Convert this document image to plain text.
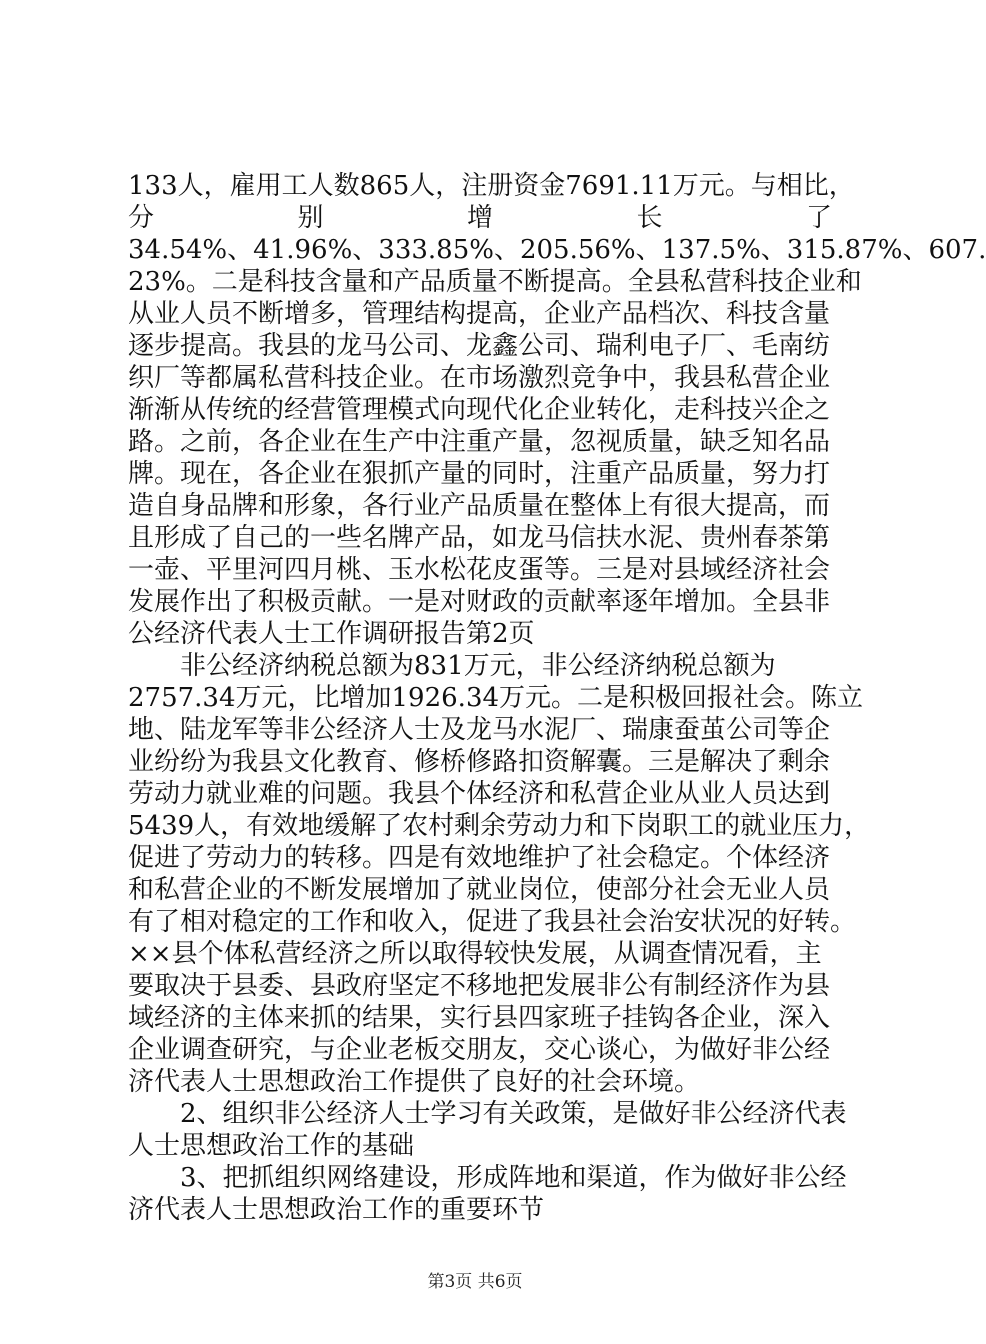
133人，雇用工人数865人，注册资金7691.11万元。与相比，
分	别	增	长	了
34.54%、41.96%、333.85%、205.56%、137.5%、315.87%、607.
23%。二是科技含量和产品质量不断提高。全县私营科技企业和
从业人员不断增多，管理结构提高，企业产品档次、科技含量
逐步提高。我县的龙马公司、龙鑫公司、瑞利电子厂、毛南纺
织厂等都属私营科技企业。在市场激烈竞争中，我县私营企业
渐渐从传统的经营管理模式向现代化企业转化，走科技兴企之
路。之前，各企业在生产中注重产量，忽视质量，缺乏知名品
牌。现在，各企业在狠抓产量的同时，注重产品质量，努力打
造自身品牌和形象，各行业产品质量在整体上有很大提高，而
且形成了自己的一些名牌产品，如龙马信扶水泥、贵州春茶第
一壶、平里河四月桃、玉水松花皮蛋等。三是对县域经济社会
发展作出了积极贡献。一是对财政的贡献率逐年增加。全县非
公经济代表人士工作调研报告第2页
　　非公经济纳税总额为831万元，非公经济纳税总额为
2757.34万元，比增加1926.34万元。二是积极回报社会。陈立
地、陆龙军等非公经济人士及龙马水泥厂、瑞康蚕茧公司等企
业纷纷为我县文化教育、修桥修路扣资解囊。三是解决了剩余
劳动力就业难的问题。我县个体经济和私营企业从业人员达到
5439人，有效地缓解了农村剩余劳动力和下岗职工的就业压力，
促进了劳动力的转移。四是有效地维护了社会稳定。个体经济
和私营企业的不断发展增加了就业岗位，使部分社会无业人员
有了相对稳定的工作和收入，促进了我县社会治安状况的好转。
××县个体私营经济之所以取得较快发展，从调查情况看，主
要取决于县委、县政府坚定不移地把发展非公有制经济作为县
域经济的主体来抓的结果，实行县四家班子挂钩各企业，深入
企业调查研究，与企业老板交朋友，交心谈心，为做好非公经
济代表人士思想政治工作提供了良好的社会环境。
　　2、组织非公经济人士学习有关政策，是做好非公经济代表
人士思想政治工作的基础
　　3、把抓组织网络建设，形成阵地和渠道，作为做好非公经
济代表人士思想政治工作的重要环节
第3页 共6页
